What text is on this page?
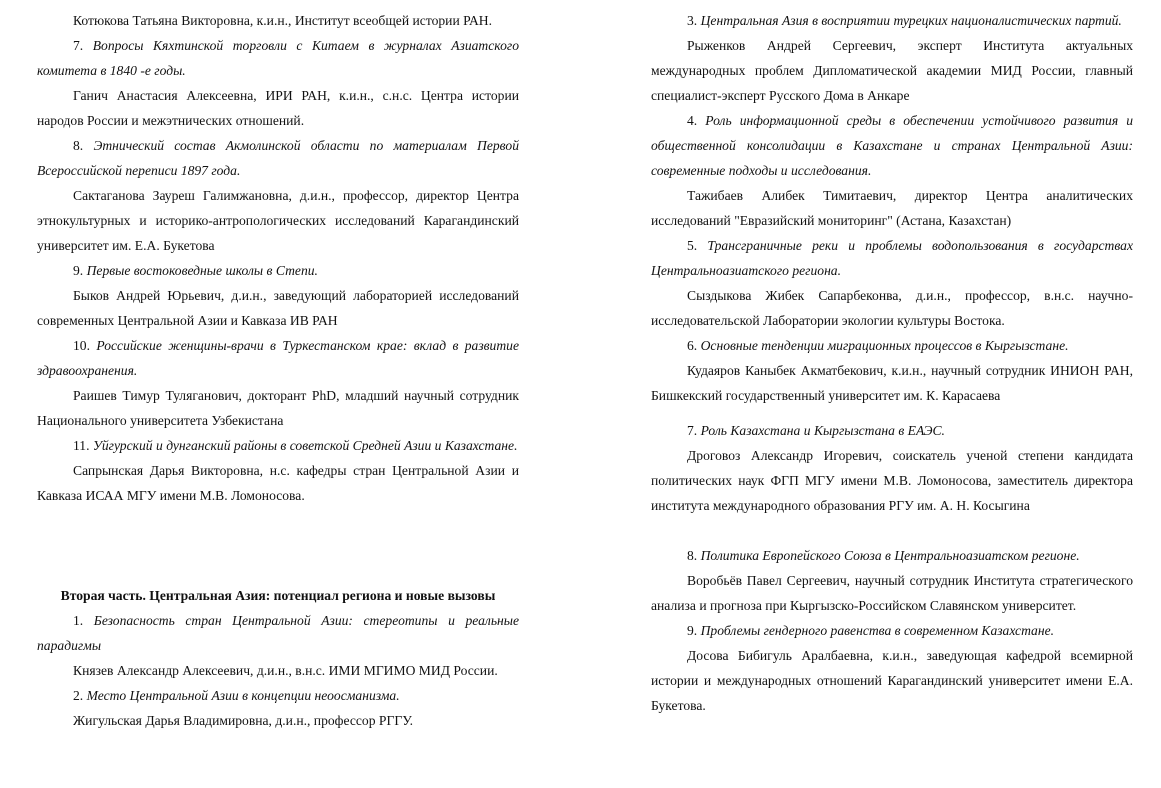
Котюкова Татьяна Викторовна, к.и.н., Институт всеобщей истории РАН.

7. Вопросы Кяхтинской торговли с Китаем в журналах Азиатского комитета в 1840 -е годы.

Ганич Анастасия Алексеевна, ИРИ РАН, к.и.н., с.н.с. Центра истории народов России и межэтнических отношений.

8. Этнический состав Акмолинской области по материалам Первой Всероссийской переписи 1897 года.

Сактаганова Зауреш Галимжановна, д.и.н., профессор, директор Центра этнокультурных и историко-антропологических исследований Карагандинский университет им. Е.А. Букетова

9. Первые востоковедные школы в Степи.

Быков Андрей Юрьевич, д.и.н., заведующий лабораторией исследований современных Центральной Азии и Кавказа ИВ РАН

10. Российские женщины-врачи в Туркестанском крае: вклад в развитие здравоохранения.

Раишев Тимур Туляганович, докторант PhD, младший научный сотрудник Национального университета Узбекистана

11. Уйгурский и дунганский районы в советской Средней Азии и Казахстане.

Сапрынская Дарья Викторовна, н.с. кафедры стран Центральной Азии и Кавказа ИСАА МГУ имени М.В. Ломоносова.

Вторая часть. Центральная Азия: потенциал региона и новые вызовы

1. Безопасность стран Центральной Азии: стереотипы и реальные парадигмы

Князев Александр Алексеевич, д.и.н., в.н.с. ИМИ МГИМО МИД России.

2. Место Центральной Азии в концепции неоосманизма.

Жигульская Дарья Владимировна, д.и.н., профессор РГГУ.

3. Центральная Азия в восприятии турецких националистических партий.

Рыженков Андрей Сергеевич, эксперт Института актуальных международных проблем Дипломатической академии МИД России, главный специалист-эксперт Русского Дома в Анкаре

4. Роль информационной среды в обеспечении устойчивого развития и общественной консолидации в Казахстане и странах Центральной Азии: современные подходы и исследования.

Тажибаев Алибек Тимитаевич, директор Центра аналитических исследований "Евразийский мониторинг" (Астана, Казахстан)

5. Трансграничные реки и проблемы водопользования в государствах Центральноазиатского региона.

Сыздыкова Жибек Сапарбеконва, д.и.н., профессор, в.н.с. научно-исследовательской Лаборатории экологии культуры Востока.

6. Основные тенденции миграционных процессов в Кыргызстане.

Кудаяров Каныбек Акматбекович, к.и.н., научный сотрудник ИНИОН РАН, Бишкекский государственный университет им. К. Карасаева

7. Роль Казахстана и Кыргызстана в ЕАЭС.

Дроговоз Александр Игоревич, соискатель ученой степени кандидата политических наук ФГП МГУ имени М.В. Ломоносова, заместитель директора института международного образования РГУ им. А. Н. Косыгина

8. Политика Европейского Союза в Центральноазиатском регионе.

Воробьёв Павел Сергеевич, научный сотрудник Института стратегического анализа и прогноза при Кыргызско-Российском Славянском университет.

9. Проблемы гендерного равенства в современном Казахстане.

Досова Бибигуль Аралбаевна, к.и.н., заведующая кафедрой всемирной истории и международных отношений Карагандинский университет имени Е.А. Букетова.
